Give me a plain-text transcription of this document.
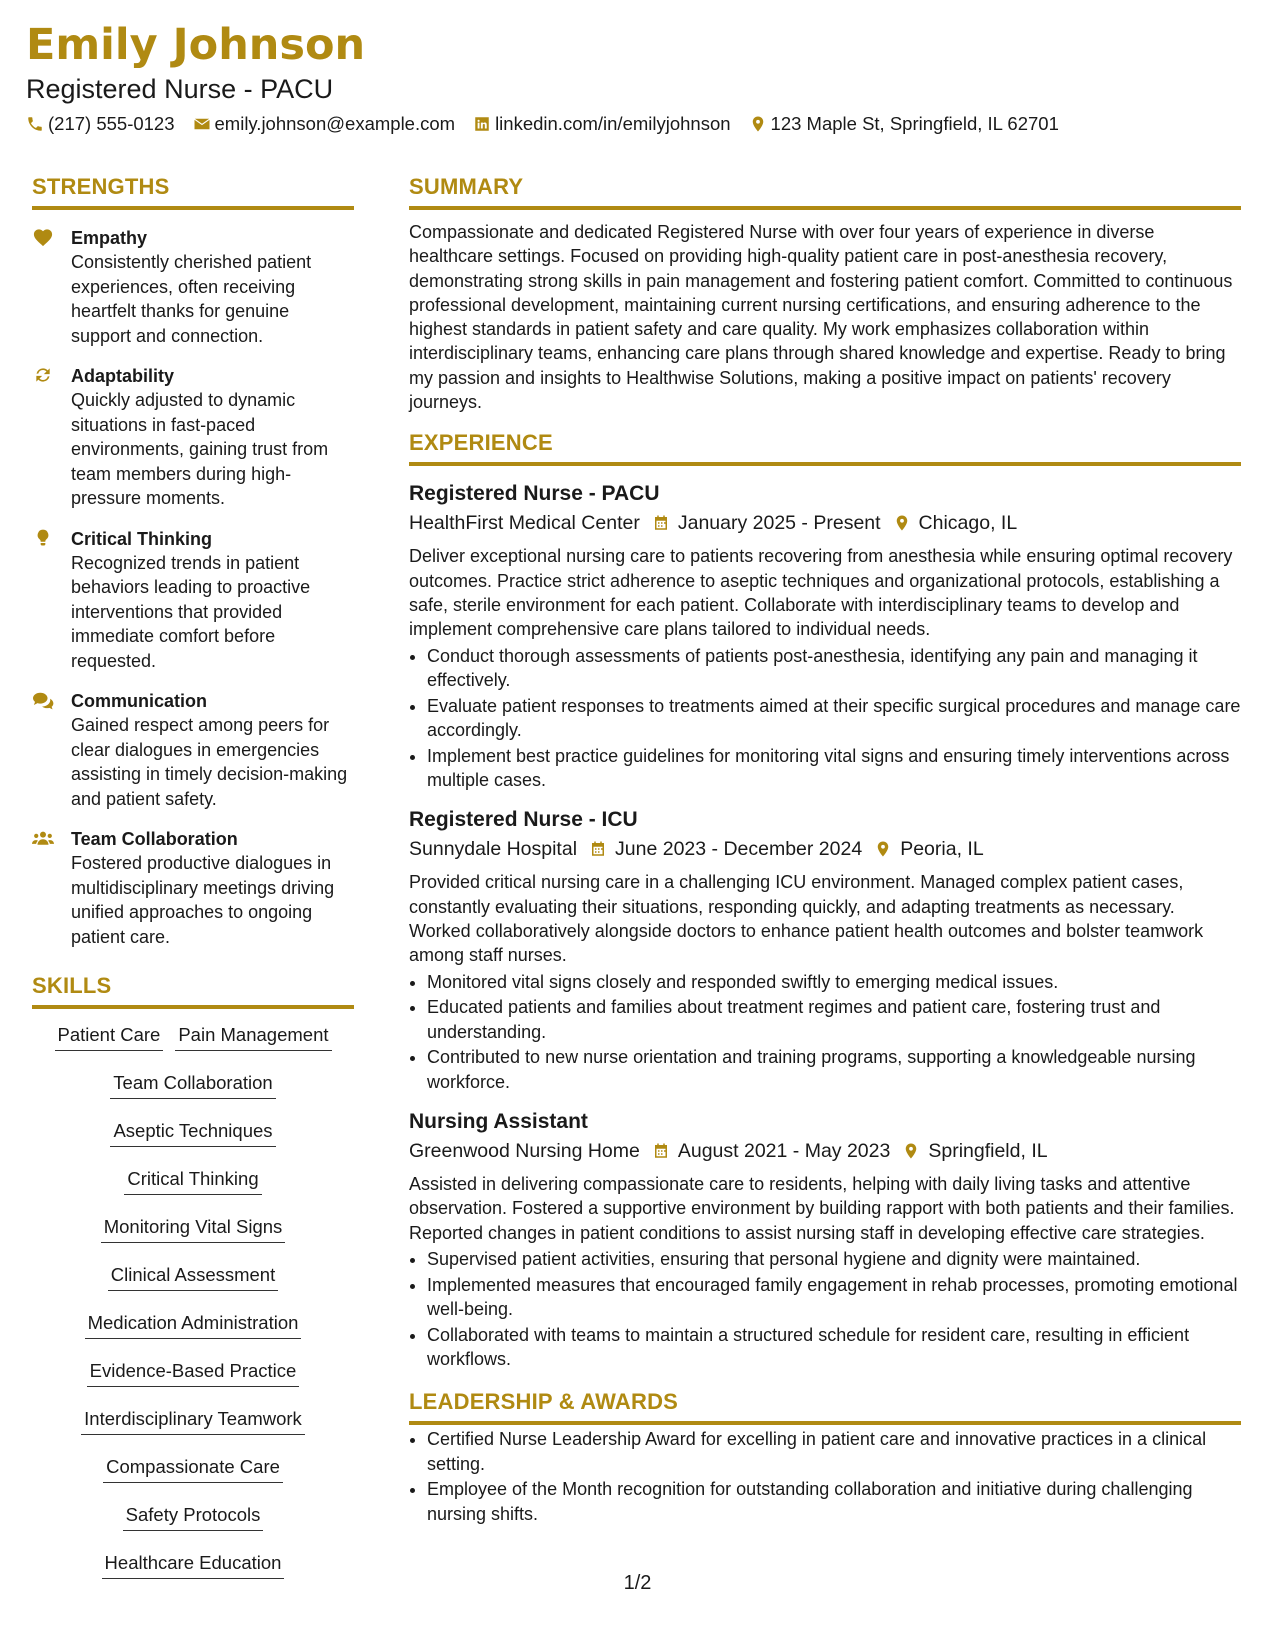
Emily Johnson
Registered Nurse - PACU
(217) 555-0123 emily.johnson@example.com linkedin.com/in/emilyjohnson 123 Maple St, Springfield, IL 62701
STRENGTHS
Empathy
Consistently cherished patient experiences, often receiving heartfelt thanks for genuine support and connection.
Adaptability
Quickly adjusted to dynamic situations in fast-paced environments, gaining trust from team members during high-pressure moments.
Critical Thinking
Recognized trends in patient behaviors leading to proactive interventions that provided immediate comfort before requested.
Communication
Gained respect among peers for clear dialogues in emergencies assisting in timely decision-making and patient safety.
Team Collaboration
Fostered productive dialogues in multidisciplinary meetings driving unified approaches to ongoing patient care.
SKILLS
Patient Care Pain Management
Team Collaboration
Aseptic Techniques
Critical Thinking
Monitoring Vital Signs
Clinical Assessment
Medication Administration
Evidence-Based Practice
Interdisciplinary Teamwork
Compassionate Care
Safety Protocols
Healthcare Education
SUMMARY
Compassionate and dedicated Registered Nurse with over four years of experience in diverse healthcare settings. Focused on providing high-quality patient care in post-anesthesia recovery, demonstrating strong skills in pain management and fostering patient comfort. Committed to continuous professional development, maintaining current nursing certifications, and ensuring adherence to the highest standards in patient safety and care quality. My work emphasizes collaboration within interdisciplinary teams, enhancing care plans through shared knowledge and expertise. Ready to bring my passion and insights to Healthwise Solutions, making a positive impact on patients' recovery journeys.
EXPERIENCE
Registered Nurse - PACU
HealthFirst Medical Center January 2025 - Present Chicago, IL
Deliver exceptional nursing care to patients recovering from anesthesia while ensuring optimal recovery outcomes. Practice strict adherence to aseptic techniques and organizational protocols, establishing a safe, sterile environment for each patient. Collaborate with interdisciplinary teams to develop and implement comprehensive care plans tailored to individual needs.
• Conduct thorough assessments of patients post-anesthesia, identifying any pain and managing it effectively.
• Evaluate patient responses to treatments aimed at their specific surgical procedures and manage care accordingly.
• Implement best practice guidelines for monitoring vital signs and ensuring timely interventions across multiple cases.
Registered Nurse - ICU
Sunnydale Hospital June 2023 - December 2024 Peoria, IL
Provided critical nursing care in a challenging ICU environment. Managed complex patient cases, constantly evaluating their situations, responding quickly, and adapting treatments as necessary. Worked collaboratively alongside doctors to enhance patient health outcomes and bolster teamwork among staff nurses.
• Monitored vital signs closely and responded swiftly to emerging medical issues.
• Educated patients and families about treatment regimes and patient care, fostering trust and understanding.
• Contributed to new nurse orientation and training programs, supporting a knowledgeable nursing workforce.
Nursing Assistant
Greenwood Nursing Home August 2021 - May 2023 Springfield, IL
Assisted in delivering compassionate care to residents, helping with daily living tasks and attentive observation. Fostered a supportive environment by building rapport with both patients and their families. Reported changes in patient conditions to assist nursing staff in developing effective care strategies.
• Supervised patient activities, ensuring that personal hygiene and dignity were maintained.
• Implemented measures that encouraged family engagement in rehab processes, promoting emotional well-being.
• Collaborated with teams to maintain a structured schedule for resident care, resulting in efficient workflows.
LEADERSHIP & AWARDS
• Certified Nurse Leadership Award for excelling in patient care and innovative practices in a clinical setting.
• Employee of the Month recognition for outstanding collaboration and initiative during challenging nursing shifts.
1/2
